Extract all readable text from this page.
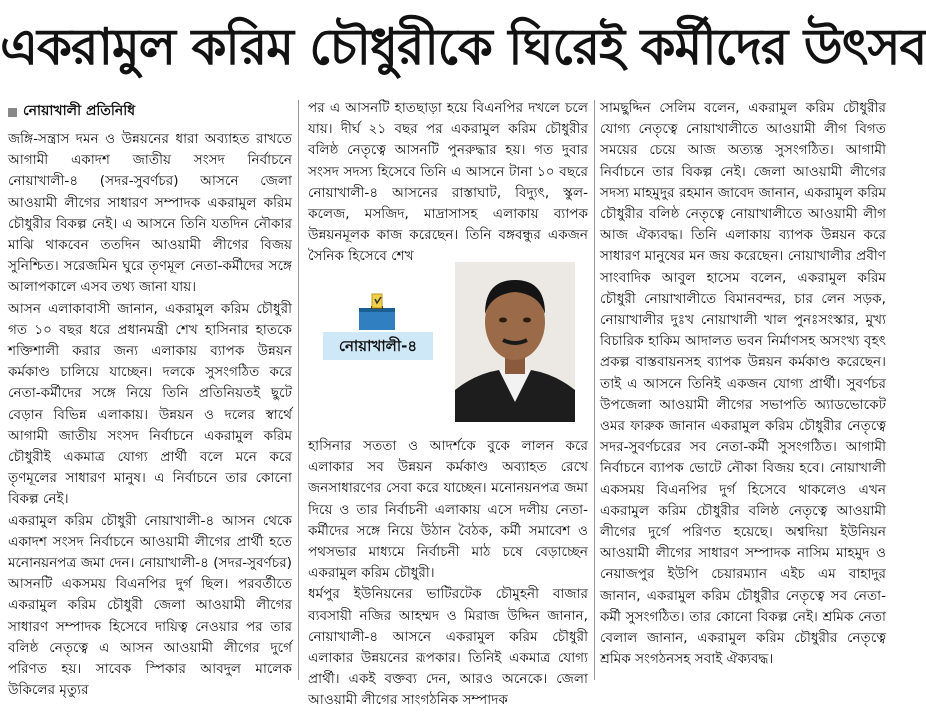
একরামুল করিম চৌধুরীকে ঘিরেই কর্মীদের উৎসব
নোয়াখালী প্রতিনিধি

জঙ্গি-সন্ত্রাস দমন ও উন্নয়নের ধারা অব্যাহত রাখতে আগামী একাদশ জাতীয় সংসদ নির্বাচনে নোয়াখালী-৪ (সদর-সুবর্ণচর) আসনে জেলা আওয়ামী লীগের সাধারণ সম্পাদক একরামুল করিম চৌধুরীর বিকল্প নেই। এ আসনে তিনি যতদিন নৌকার মাঝি থাকবেন ততদিন আওয়ামী লীগের বিজয় সুনিশ্চিত। সরেজমিন ঘুরে তৃণমূল নেতা-কর্মীদের সঙ্গে আলাপকালে এসব তথ্য জানা যায়।

আসন এলাকাবাসী জানান, একরামুল করিম চৌধুরী গত ১০ বছর ধরে প্রধানমন্ত্রী শেখ হাসিনার হাতকে শক্তিশালী করার জন্য এলাকায় ব্যাপক উন্নয়ন কর্মকাণ্ড চালিয়ে যাচ্ছেন। দলকে সুসংগঠিত করে নেতা-কর্মীদের সঙ্গে নিয়ে তিনি প্রতিনিয়তই ছুটে বেড়ান বিভিন্ন এলাকায়। উন্নয়ন ও দলের স্বার্থে আগামী জাতীয় সংসদ নির্বাচনে একরামুল করিম চৌধুরীই একমাত্র যোগ্য প্রার্থী বলে মনে করে তৃণমূলের সাধারণ মানুষ। এ নির্বাচনে তার কোনো বিকল্প নেই।

একরামুল করিম চৌধুরী নোয়াখালী-৪ আসন থেকে একাদশ সংসদ নির্বাচনে আওয়ামী লীগের প্রার্থী হতে মনোনয়নপত্র জমা দেন। নোয়াখালী-৪ (সদর-সুবর্ণচর) আসনটি একসময় বিএনপির দুর্গ ছিল। পরবর্তীতে একরামুল করিম চৌধুরী জেলা আওয়ামী লীগের সাধারণ সম্পাদক হিসেবে দায়িত্ব নেওয়ার পর তার বলিষ্ঠ নেতৃত্বে এ আসন আওয়ামী লীগের দুর্গে পরিণত হয়। সাবেক স্পিকার আবদুল মালেক উকিলের মৃত্যুর

পর এ আসনটি হাতছাড়া হয়ে বিএনপির দখলে চলে যায়। দীর্ঘ ২১ বছর পর একরামুল করিম চৌধুরীর বলিষ্ঠ নেতৃত্বে আসনটি পুনরুদ্ধার হয়। গত দুবার সংসদ সদস্য হিসেবে তিনি এ আসনে টানা ১০ বছরে নোয়াখালী-৪ আসনের রাস্তাঘাট, বিদ্যুৎ, স্কুল-কলেজ, মসজিদ, মাদ্রাসাসহ এলাকায় ব্যাপক উন্নয়নমূলক কাজ করেছেন। তিনি বঙ্গবন্ধুর একজন সৈনিক হিসেবে শেখ

হাসিনার সততা ও আদর্শকে বুকে লালন করে এলাকার সব উন্নয়ন কর্মকাণ্ড অব্যাহত রেখে জনসাধারণের সেবা করে যাচ্ছেন। মনোনয়নপত্র জমা দিয়ে ও তার নির্বাচনী এলাকায় এসে দলীয় নেতা-কর্মীদের সঙ্গে নিয়ে উঠান বৈঠক, কর্মী সমাবেশ ও পথসভার মাধ্যমে নির্বাচনী মাঠ চষে বেড়াচ্ছেন একরামুল করিম চৌধুরী।

ধর্মপুর ইউনিয়নের ভাটিরটেক চৌমুহনী বাজার ব্যবসায়ী নজির আহম্মদ ও মিরাজ উদ্দিন জানান, নোয়াখালী-৪ আসনে একরামুল করিম চৌধুরী এলাকার উন্নয়নের রূপকার। তিনিই একমাত্র যোগ্য প্রার্থী। একই বক্তব্য দেন, আরও অনেকে। জেলা আওয়ামী লীগের সাংগঠনিক সম্পাদক

নোয়াখালী-৪

সামছুদ্দিন সেলিম বলেন, একরামুল করিম চৌধুরীর যোগ্য নেতৃত্বে নোয়াখালীতে আওয়ামী লীগ বিগত সময়ের চেয়ে আজ অত্যন্ত সুসংগঠিত। আগামী নির্বাচনে তার বিকল্প নেই। জেলা আওয়ামী লীগের সদস্য মাহমুদুর রহমান জাবেদ জানান, একরামুল করিম চৌধুরীর বলিষ্ঠ নেতৃত্বে নোয়াখালীতে আওয়ামী লীগ আজ ঐক্যবদ্ধ। তিনি এলাকায় ব্যাপক উন্নয়ন করে সাধারণ মানুষের মন জয় করেছেন। নোয়াখালীর প্রবীণ সাংবাদিক আবুল হাসেম বলেন, একরামুল করিম চৌধুরী নোয়াখালীতে বিমানবন্দর, চার লেন সড়ক, নোয়াখালীর দুঃখ নোয়াখালী খাল পুনঃসংস্কার, মুখ্য বিচারিক হাকিম আদালত ভবন নির্মাণসহ অসংখ্য বৃহৎ প্রকল্প বাস্তবায়নসহ ব্যাপক উন্নয়ন কর্মকাণ্ড করেছেন। তাই এ আসনে তিনিই একজন যোগ্য প্রার্থী। সুবর্ণচর উপজেলা আওয়ামী লীগের সভাপতি অ্যাডভোকেট ওমর ফারুক জানান একরামুল করিম চৌধুরীর নেতৃত্বে সদর-সুবর্ণচরের সব নেতা-কর্মী সুসংগঠিত। আগামী নির্বাচনে ব্যাপক ভোটে নৌকা বিজয় হবে। নোয়াখালী একসময় বিএনপির দুর্গ হিসেবে থাকলেও এখন একরামুল করিম চৌধুরীর বলিষ্ঠ নেতৃত্বে আওয়ামী লীগের দুর্গে পরিণত হয়েছে। অশ্বদিয়া ইউনিয়ন আওয়ামী লীগের সাধারণ সম্পাদক নাসিম মাহমুদ ও নেয়াজপুর ইউপি চেয়ারম্যান এইচ এম বাহাদুর জানান, একরামুল করিম চৌধুরীর নেতৃত্বে সব নেতা-কর্মী সুসংগঠিত। তার কোনো বিকল্প নেই। শ্রমিক নেতা বেলাল জানান, একরামুল করিম চৌধুরীর নেতৃত্বে শ্রমিক সংগঠনসহ সবাই ঐক্যবদ্ধ।
